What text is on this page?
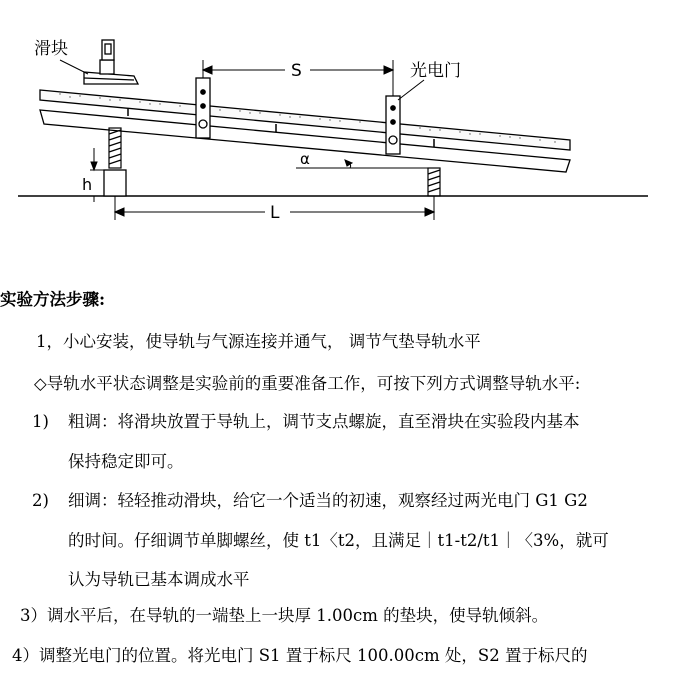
h
滑块
光电门
S
α
L
实验方法步骤:
1，小心安装，使导轨与气源连接并通气， 调节气垫导轨水平
◇导轨水平状态调整是实验前的重要准备工作，可按下列方式调整导轨水平:
1) 粗调：将滑块放置于导轨上，调节支点螺旋，直至滑块在实验段内基本
保持稳定即可。
2) 细调：轻轻推动滑块，给它一个适当的初速，观察经过两光电门 G1 G2
的时间。仔细调节单脚螺丝，使 t1〈t2，且满足｜t1-t2/t1｜〈3%，就可
认为导轨已基本调成水平
3）调水平后，在导轨的一端垫上一块厚 1.00cm 的垫块，使导轨倾斜。
4）调整光电门的位置。将光电门 S1 置于标尺 100.00cm 处，S2 置于标尺的
